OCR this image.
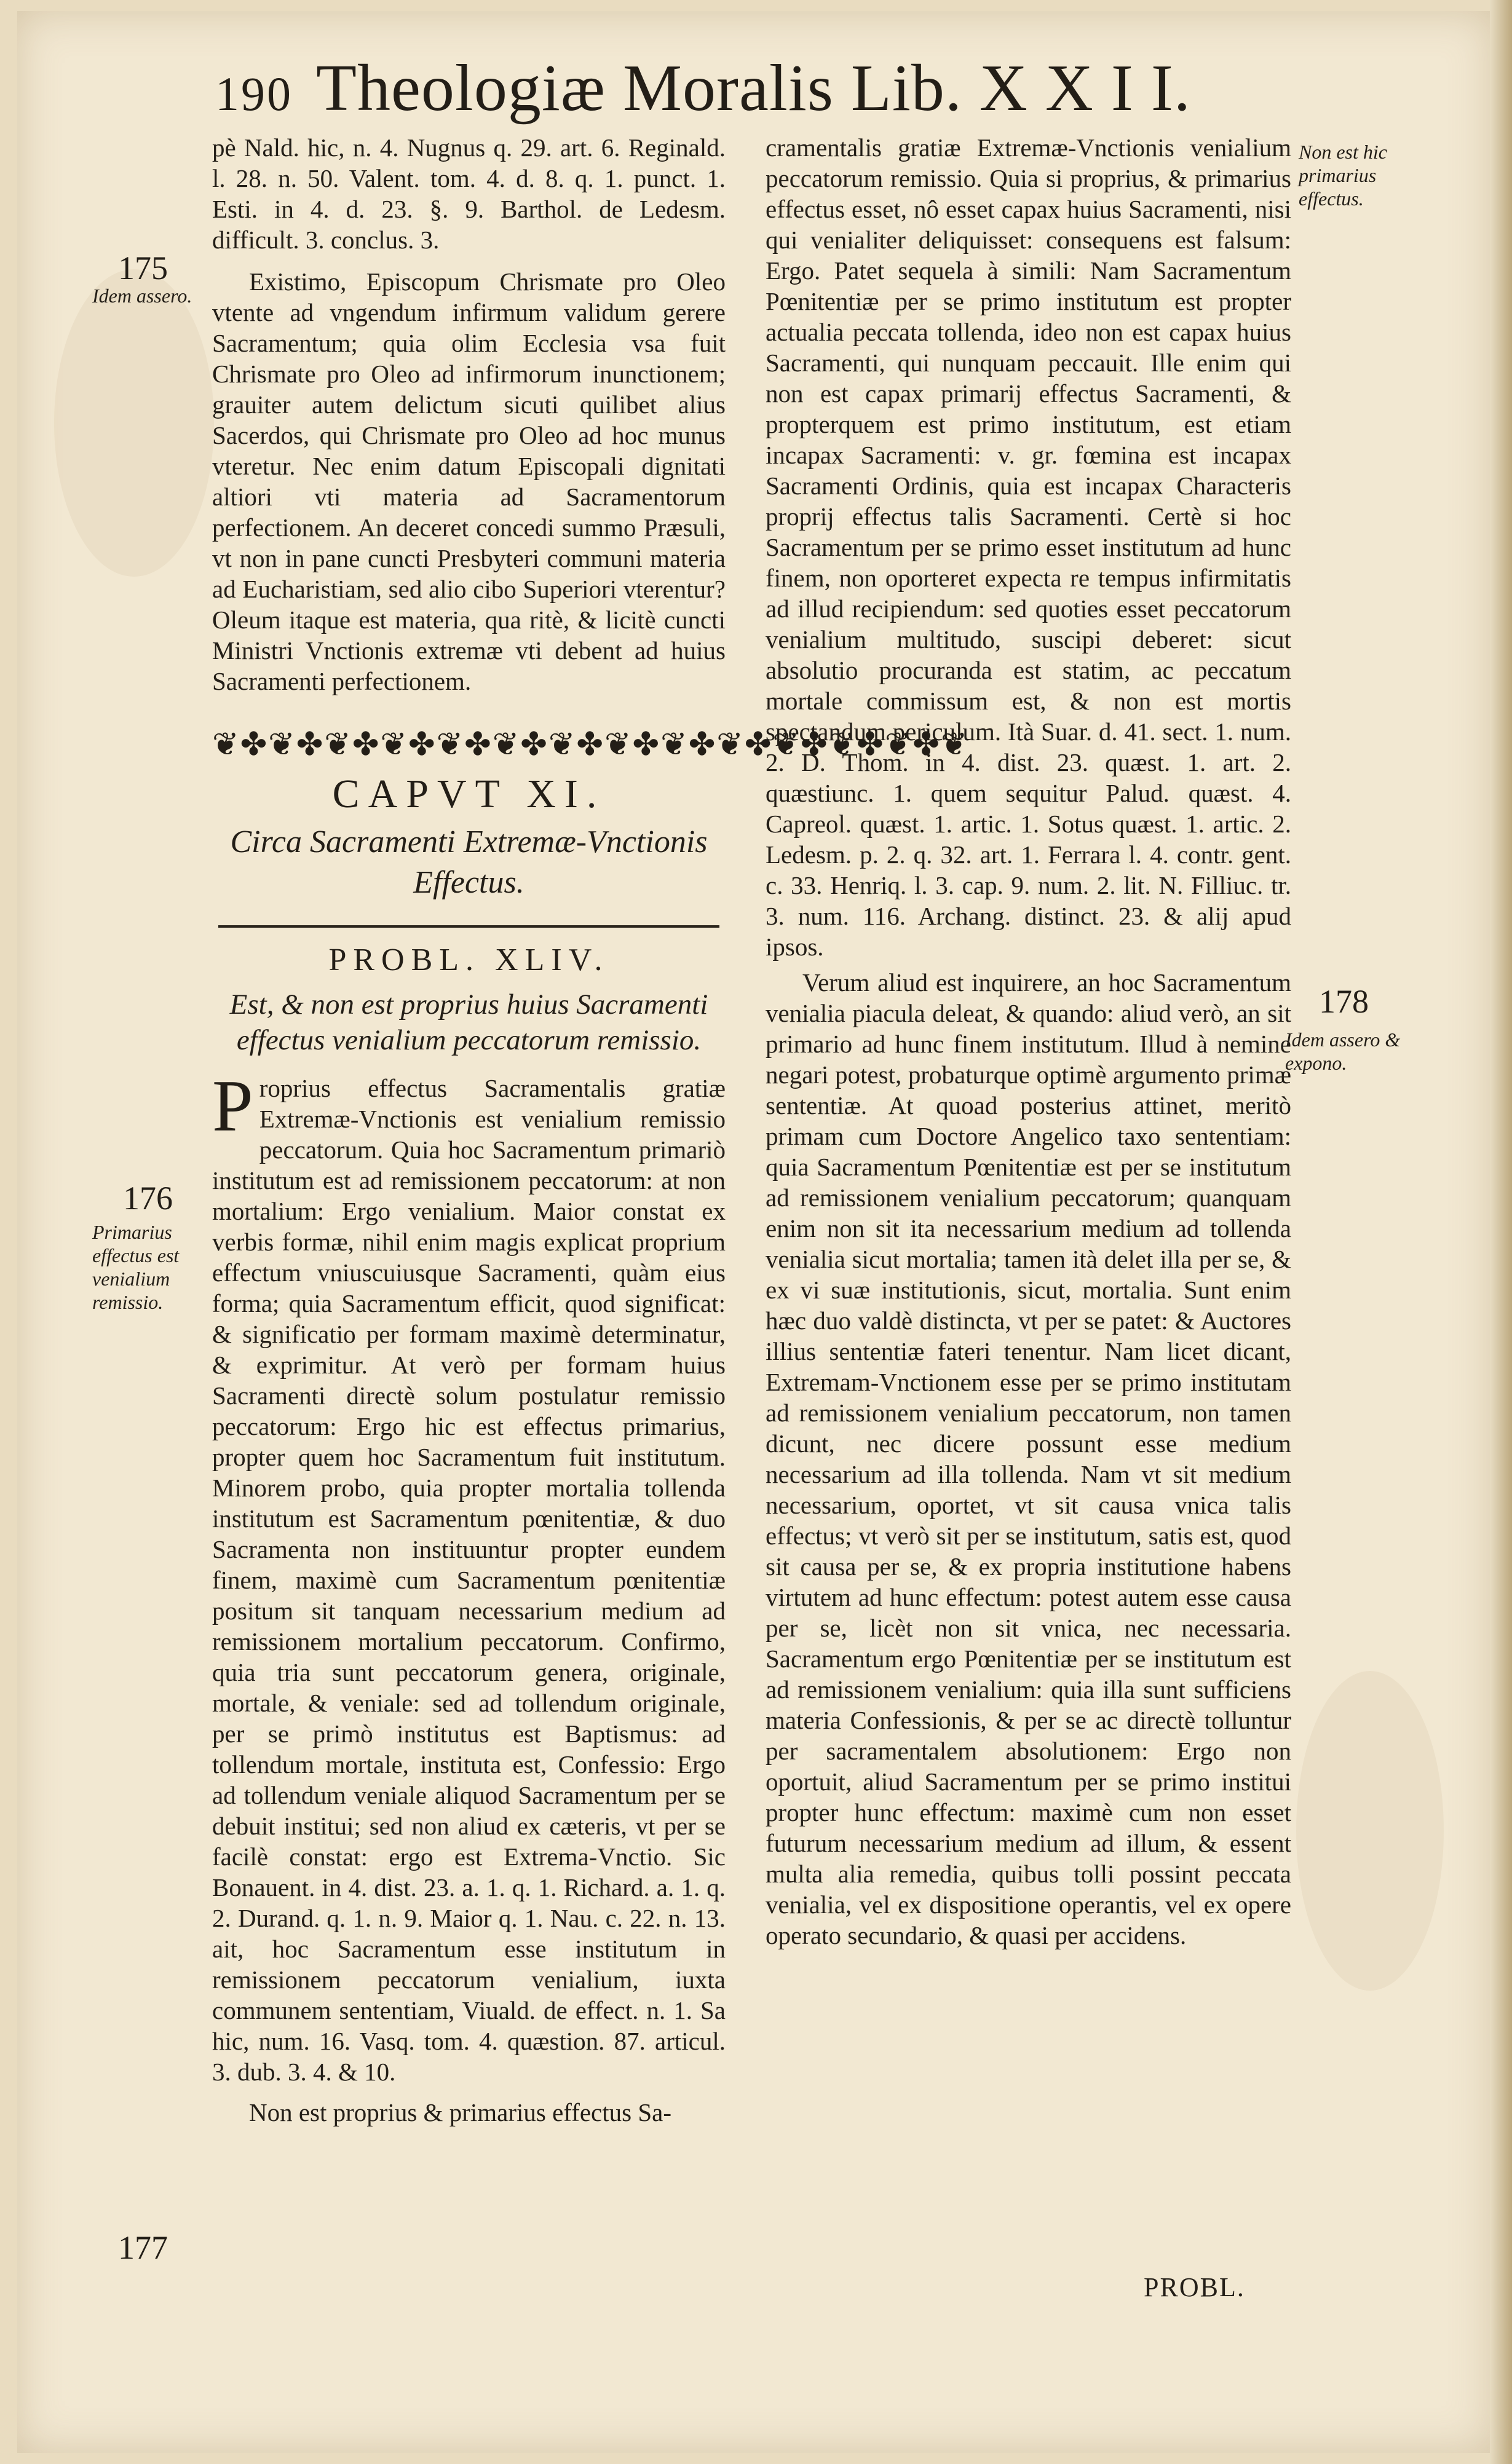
190 Theologiæ Moralis Lib. X X I I.
175
Idem assero.
176
Primarius effectus est venialium remissio.
177
Non est hic primarius effectus.
178
Idem assero & expono.

pè Nald. hic, n. 4. Nugnus q. 29. art. 6. Reginald. l. 28. n. 50. Valent. tom. 4. d. 8. q. 1. punct. 1. Esti. in 4. d. 23. §. 9. Barthol. de Ledesm. difficult. 3. conclus. 3.

Existimo, Episcopum Chrismate pro Oleo vtente ad vngendum infirmum validum gerere Sacramentum; quia olim Ecclesia vsa fuit Chrismate pro Oleo ad infirmorum inunctionem; grauiter autem delictum sicuti quilibet alius Sacerdos, qui Chrismate pro Oleo ad hoc munus vteretur. Nec enim datum Episcopali dignitati altiori vti materia ad Sacramentorum perfectionem. An deceret concedi summo Præsuli, vt non in pane cuncti Presbyteri communi materia ad Eucharistiam, sed alio cibo Superiori vterentur? Oleum itaque est materia, qua ritè, & licitè cuncti Ministri Vnctionis extremæ vti debent ad huius Sacramenti perfectionem.

❦✤❦✤❦✤❦✤❦✤❦✤❦✤❦✤❦✤❦✤❦✤❦✤❦✤❦
CAPVT XI.
Circa Sacramenti Extremæ-Vnctionis Effectus.
PROBL. XLIV.
Est, & non est proprius huius Sacramenti effectus venialium peccatorum remissio.

Proprius effectus Sacramentalis gratiæ Extremæ-Vnctionis est venialium remissio peccatorum. Quia hoc Sacramentum primariò institutum est ad remissionem peccatorum: at non mortalium: Ergo venialium. Maior constat ex verbis formæ, nihil enim magis explicat proprium effectum vniuscuiusque Sacramenti, quàm eius forma; quia Sacramentum efficit, quod significat: & significatio per formam maximè determinatur, & exprimitur. At verò per formam huius Sacramenti directè solum postulatur remissio peccatorum: Ergo hic est effectus primarius, propter quem hoc Sacramentum fuit institutum. Minorem probo, quia propter mortalia tollenda institutum est Sacramentum pœnitentiæ, & duo Sacramenta non instituuntur propter eundem finem, maximè cum Sacramentum pœnitentiæ positum sit tanquam necessarium medium ad remissionem mortalium peccatorum. Confirmo, quia tria sunt peccatorum genera, originale, mortale, & veniale: sed ad tollendum originale, per se primò institutus est Baptismus: ad tollendum mortale, instituta est, Confessio: Ergo ad tollendum veniale aliquod Sacramentum per se debuit institui; sed non aliud ex cæteris, vt per se facilè constat: ergo est Extrema-Vnctio. Sic Bonauent. in 4. dist. 23. a. 1. q. 1. Richard. a. 1. q. 2. Durand. q. 1. n. 9. Maior q. 1. Nau. c. 22. n. 13. ait, hoc Sacramentum esse institutum in remissionem peccatorum venialium, iuxta communem sententiam, Viuald. de effect. n. 1. Sa hic, num. 16. Vasq. tom. 4. quæstion. 87. articul. 3. dub. 3. 4. & 10.

Non est proprius & primarius effectus Sa-

cramentalis gratiæ Extremæ-Vnctionis venialium peccatorum remissio. Quia si proprius, & primarius effectus esset, nô esset capax huius Sacramenti, nisi qui venialiter deliquisset: consequens est falsum: Ergo. Patet sequela à simili: Nam Sacramentum Pœnitentiæ per se primo institutum est propter actualia peccata tollenda, ideo non est capax huius Sacramenti, qui nunquam peccauit. Ille enim qui non est capax primarij effectus Sacramenti, & propterquem est primo institutum, est etiam incapax Sacramenti: v. gr. fœmina est incapax Sacramenti Ordinis, quia est incapax Characteris proprij effectus talis Sacramenti. Certè si hoc Sacramentum per se primo esset institutum ad hunc finem, non oporteret expecta re tempus infirmitatis ad illud recipiendum: sed quoties esset peccatorum venialium multitudo, suscipi deberet: sicut absolutio procuranda est statim, ac peccatum mortale commissum est, & non est mortis spectandum periculum. Ità Suar. d. 41. sect. 1. num. 2. D. Thom. in 4. dist. 23. quæst. 1. art. 2. quæstiunc. 1. quem sequitur Palud. quæst. 4. Capreol. quæst. 1. artic. 1. Sotus quæst. 1. artic. 2. Ledesm. p. 2. q. 32. art. 1. Ferrara l. 4. contr. gent. c. 33. Henriq. l. 3. cap. 9. num. 2. lit. N. Filliuc. tr. 3. num. 116. Archang. distinct. 23. & alij apud ipsos.

Verum aliud est inquirere, an hoc Sacramentum venialia piacula deleat, & quando: aliud verò, an sit primario ad hunc finem institutum. Illud à nemine negari potest, probaturque optimè argumento primæ sententiæ. At quoad posterius attinet, meritò primam cum Doctore Angelico taxo sententiam: quia Sacramentum Pœnitentiæ est per se institutum ad remissionem venialium peccatorum; quanquam enim non sit ita necessarium medium ad tollenda venialia sicut mortalia; tamen ità delet illa per se, & ex vi suæ institutionis, sicut, mortalia. Sunt enim hæc duo valdè distincta, vt per se patet: & Auctores illius sententiæ fateri tenentur. Nam licet dicant, Extremam-Vnctionem esse per se primo institutam ad remissionem venialium peccatorum, non tamen dicunt, nec dicere possunt esse medium necessarium ad illa tollenda. Nam vt sit medium necessarium, oportet, vt sit causa vnica talis effectus; vt verò sit per se institutum, satis est, quod sit causa per se, & ex propria institutione habens virtutem ad hunc effectum: potest autem esse causa per se, licèt non sit vnica, nec necessaria. Sacramentum ergo Pœnitentiæ per se institutum est ad remissionem venialium: quia illa sunt sufficiens materia Confessionis, & per se ac directè tolluntur per sacramentalem absolutionem: Ergo non oportuit, aliud Sacramentum per se primo institui propter hunc effectum: maximè cum non esset futurum necessarium medium ad illum, & essent multa alia remedia, quibus tolli possint peccata venialia, vel ex dispositione operantis, vel ex opere operato secundario, & quasi per accidens.

PROBL.
